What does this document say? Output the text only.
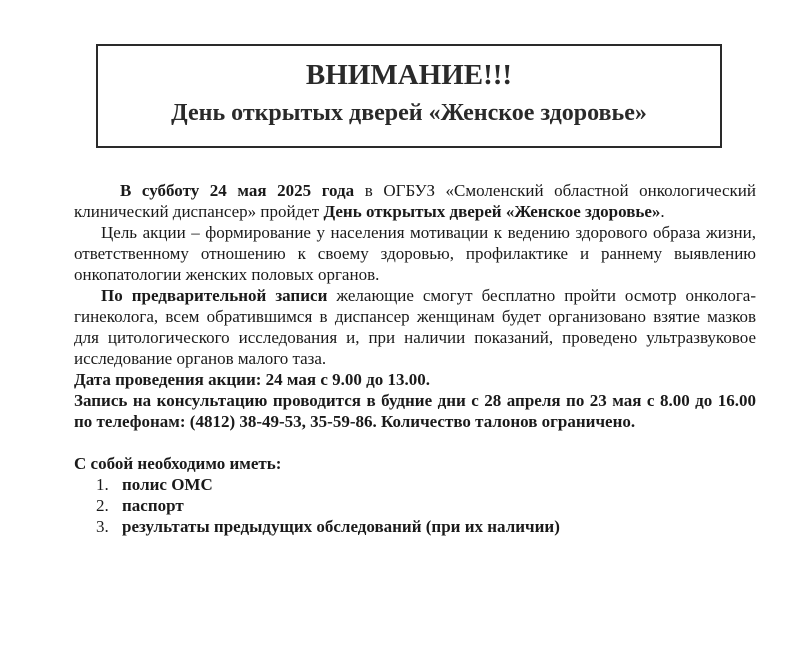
ВНИМАНИЕ!!!
День открытых дверей «Женское здоровье»

В субботу 24 мая 2025 года в ОГБУЗ «Смоленский областной онкологический клинический диспансер» пройдет День открытых дверей «Женское здоровье».

Цель акции – формирование у населения мотивации к ведению здорового образа жизни, ответственному отношению к своему здоровью, профилактике и раннему выявлению онкопатологии женских половых органов.

По предварительной записи желающие смогут бесплатно пройти осмотр онколога-гинеколога, всем обратившимся в диспансер женщинам будет организовано взятие мазков для цитологического исследования и, при наличии показаний, проведено ультразвуковое исследование органов малого таза.

Дата проведения акции: 24 мая с 9.00 до 13.00.

Запись на консультацию проводится в будние дни с 28 апреля по 23 мая с 8.00 до 16.00 по телефонам: (4812) 38-49-53, 35-59-86. Количество талонов ограничено.

С собой необходимо иметь:

1. полис ОМС
2. паспорт
3. результаты предыдущих обследований (при их наличии)
